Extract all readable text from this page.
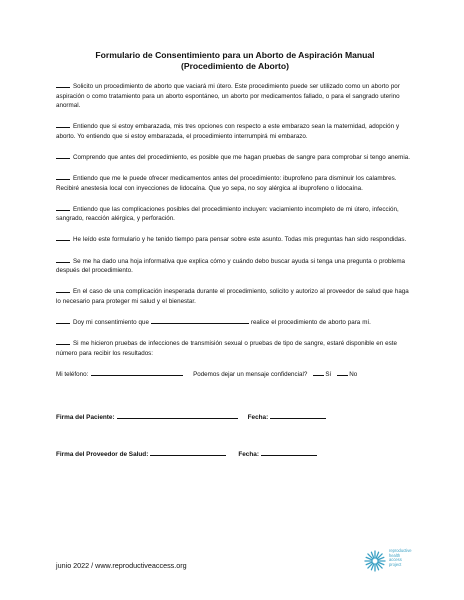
Formulario de Consentimiento para un Aborto de Aspiración Manual
(Procedimiento de Aborto)
Solicito un procedimiento de aborto que vaciará mi útero. Este procedimiento puede ser utilizado como un aborto por aspiración o como tratamiento para un aborto espontáneo, un aborto por medicamentos fallado, o para el sangrado uterino anormal.
Entiendo que si estoy embarazada, mis tres opciones con respecto a este embarazo sean la maternidad, adopción y aborto. Yo entiendo que si estoy embarazada, el procedimiento interrumpirá mi embarazo.
Comprendo que antes del procedimiento, es posible que me hagan pruebas de sangre para comprobar si tengo anemia.
Entiendo que me le puede ofrecer medicamentos antes del procedimiento: ibuprofeno para disminuir los calambres. Recibiré anestesia local con inyecciones de lidocaína. Que yo sepa, no soy alérgica al ibuprofeno o lidocaína.
Entiendo que las complicaciones posibles del procedimiento incluyen: vaciamiento incompleto de mi útero, infección, sangrado, reacción alérgica, y perforación.
He leído este formulario y he tenido tiempo para pensar sobre este asunto. Todas mis preguntas han sido respondidas.
Se me ha dado una hoja informativa que explica cómo y cuándo debo buscar ayuda si tenga una pregunta o problema después del procedimiento.
En el caso de una complicación inesperada durante el procedimiento, solicito y autorizo al proveedor de salud que haga lo necesario para proteger mi salud y el bienestar.
Doy mi consentimiento que	realice el procedimiento de aborto para mí.
Si me hicieron pruebas de infecciones de transmisión sexual o pruebas de tipo de sangre, estaré disponible en este número para recibir los resultados:
Mi teléfono:	Podemos dejar un mensaje confidencial?	Sí	No
Firma del Paciente:	Fecha:
Firma del Proveedor de Salud:	Fecha:
junio 2022 / www.reproductiveaccess.org
reproductive
health
access
project
